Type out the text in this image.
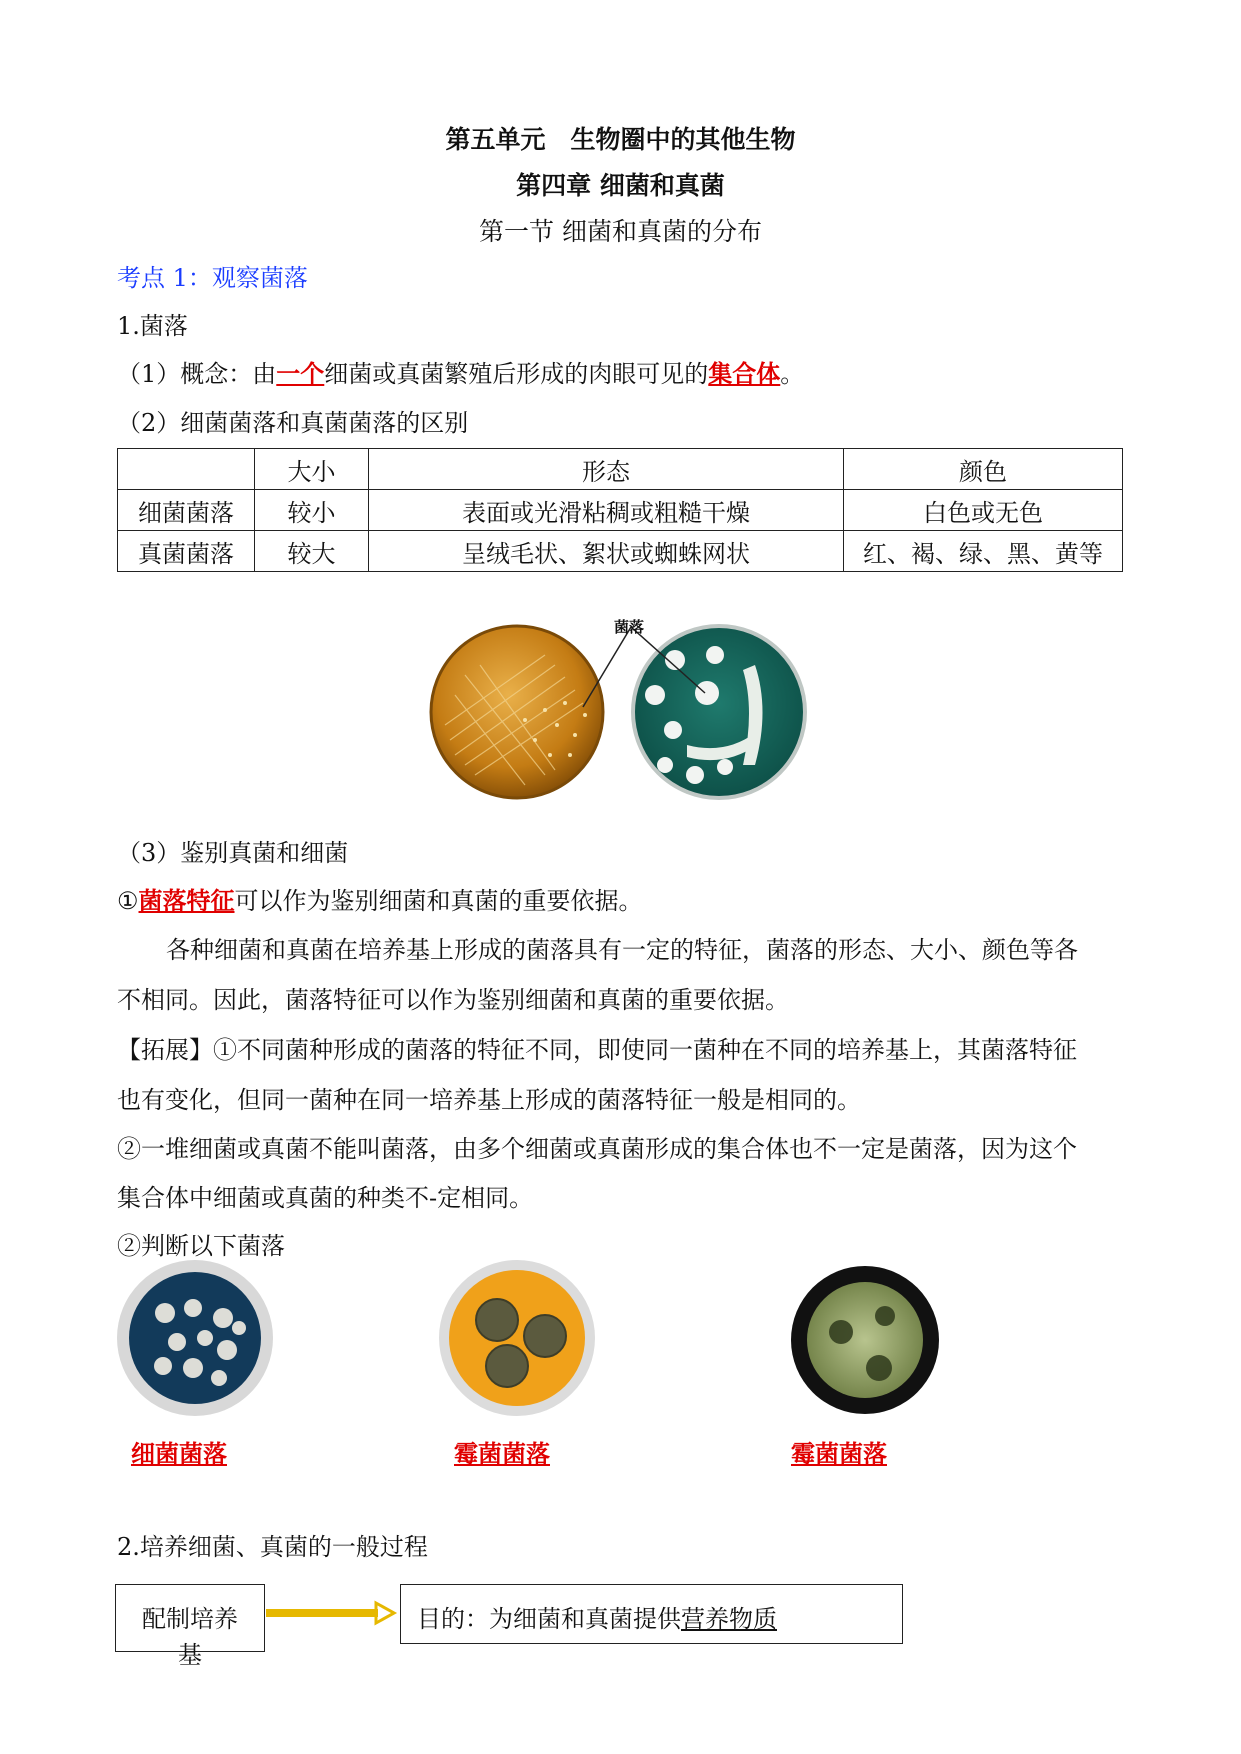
第五单元　生物圈中的其他生物
第四章 细菌和真菌
第一节 细菌和真菌的分布
考点 1：观察菌落
1.菌落
（1）概念：由一个细菌或真菌繁殖后形成的肉眼可见的集合体。
（2）细菌菌落和真菌菌落的区别
	大小	形态	颜色
细菌菌落	较小	表面或光滑粘稠或粗糙干燥	白色或无色
真菌菌落	较大	呈绒毛状、絮状或蜘蛛网状	红、褐、绿、黑、黄等
菌落
（3）鉴别真菌和细菌
①菌落特征可以作为鉴别细菌和真菌的重要依据。
各种细菌和真菌在培养基上形成的菌落具有一定的特征，菌落的形态、大小、颜色等各
不相同。因此，菌落特征可以作为鉴别细菌和真菌的重要依据。
【拓展】①不同菌种形成的菌落的特征不同，即使同一菌种在不同的培养基上，其菌落特征
也有变化，但同一菌种在同一培养基上形成的菌落特征一般是相同的。
②一堆细菌或真菌不能叫菌落，由多个细菌或真菌形成的集合体也不一定是菌落，因为这个
集合体中细菌或真菌的种类不-定相同。
②判断以下菌落
细菌菌落	霉菌菌落	霉菌菌落
2.培养细菌、真菌的一般过程
配制培养
基
目的：为细菌和真菌提供营养物质
